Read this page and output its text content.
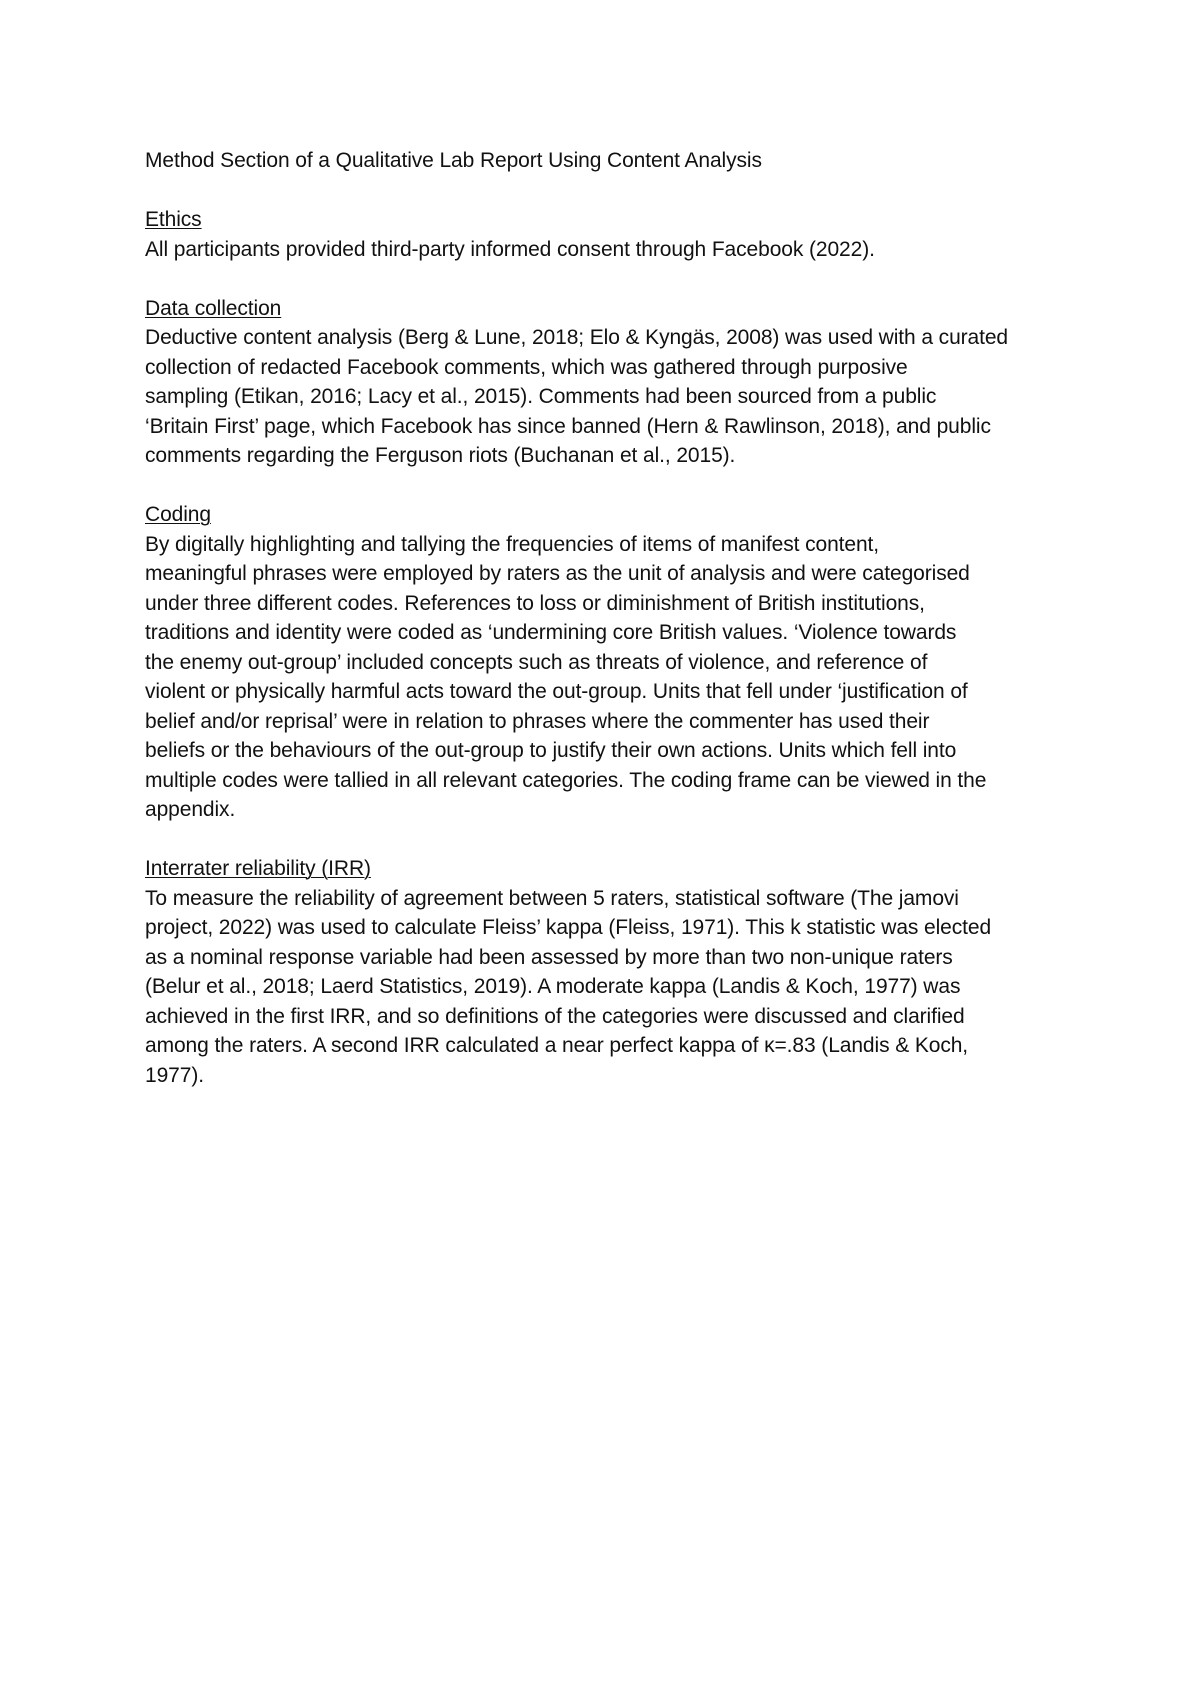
Method Section of a Qualitative Lab Report Using Content Analysis
Ethics

All participants provided third-party informed consent through Facebook (2022).

Data collection

Deductive content analysis (Berg & Lune, 2018; Elo & Kyngäs, 2008) was used with a curated
collection of redacted Facebook comments, which was gathered through purposive
sampling (Etikan, 2016; Lacy et al., 2015). Comments had been sourced from a public
‘Britain First’ page, which Facebook has since banned (Hern & Rawlinson, 2018), and public
comments regarding the Ferguson riots (Buchanan et al., 2015).

Coding

By digitally highlighting and tallying the frequencies of items of manifest content,
meaningful phrases were employed by raters as the unit of analysis and were categorised
under three different codes. References to loss or diminishment of British institutions,
traditions and identity were coded as ‘undermining core British values. ‘Violence towards
the enemy out-group’ included concepts such as threats of violence, and reference of
violent or physically harmful acts toward the out-group. Units that fell under ‘justification of
belief and/or reprisal’ were in relation to phrases where the commenter has used their
beliefs or the behaviours of the out-group to justify their own actions. Units which fell into
multiple codes were tallied in all relevant categories. The coding frame can be viewed in the
appendix.

Interrater reliability (IRR)

To measure the reliability of agreement between 5 raters, statistical software (The jamovi
project, 2022) was used to calculate Fleiss’ kappa (Fleiss, 1971). This k statistic was elected
as a nominal response variable had been assessed by more than two non-unique raters
(Belur et al., 2018; Laerd Statistics, 2019). A moderate kappa (Landis & Koch, 1977) was
achieved in the first IRR, and so definitions of the categories were discussed and clarified
among the raters. A second IRR calculated a near perfect kappa of κ=.83 (Landis & Koch,
1977).
